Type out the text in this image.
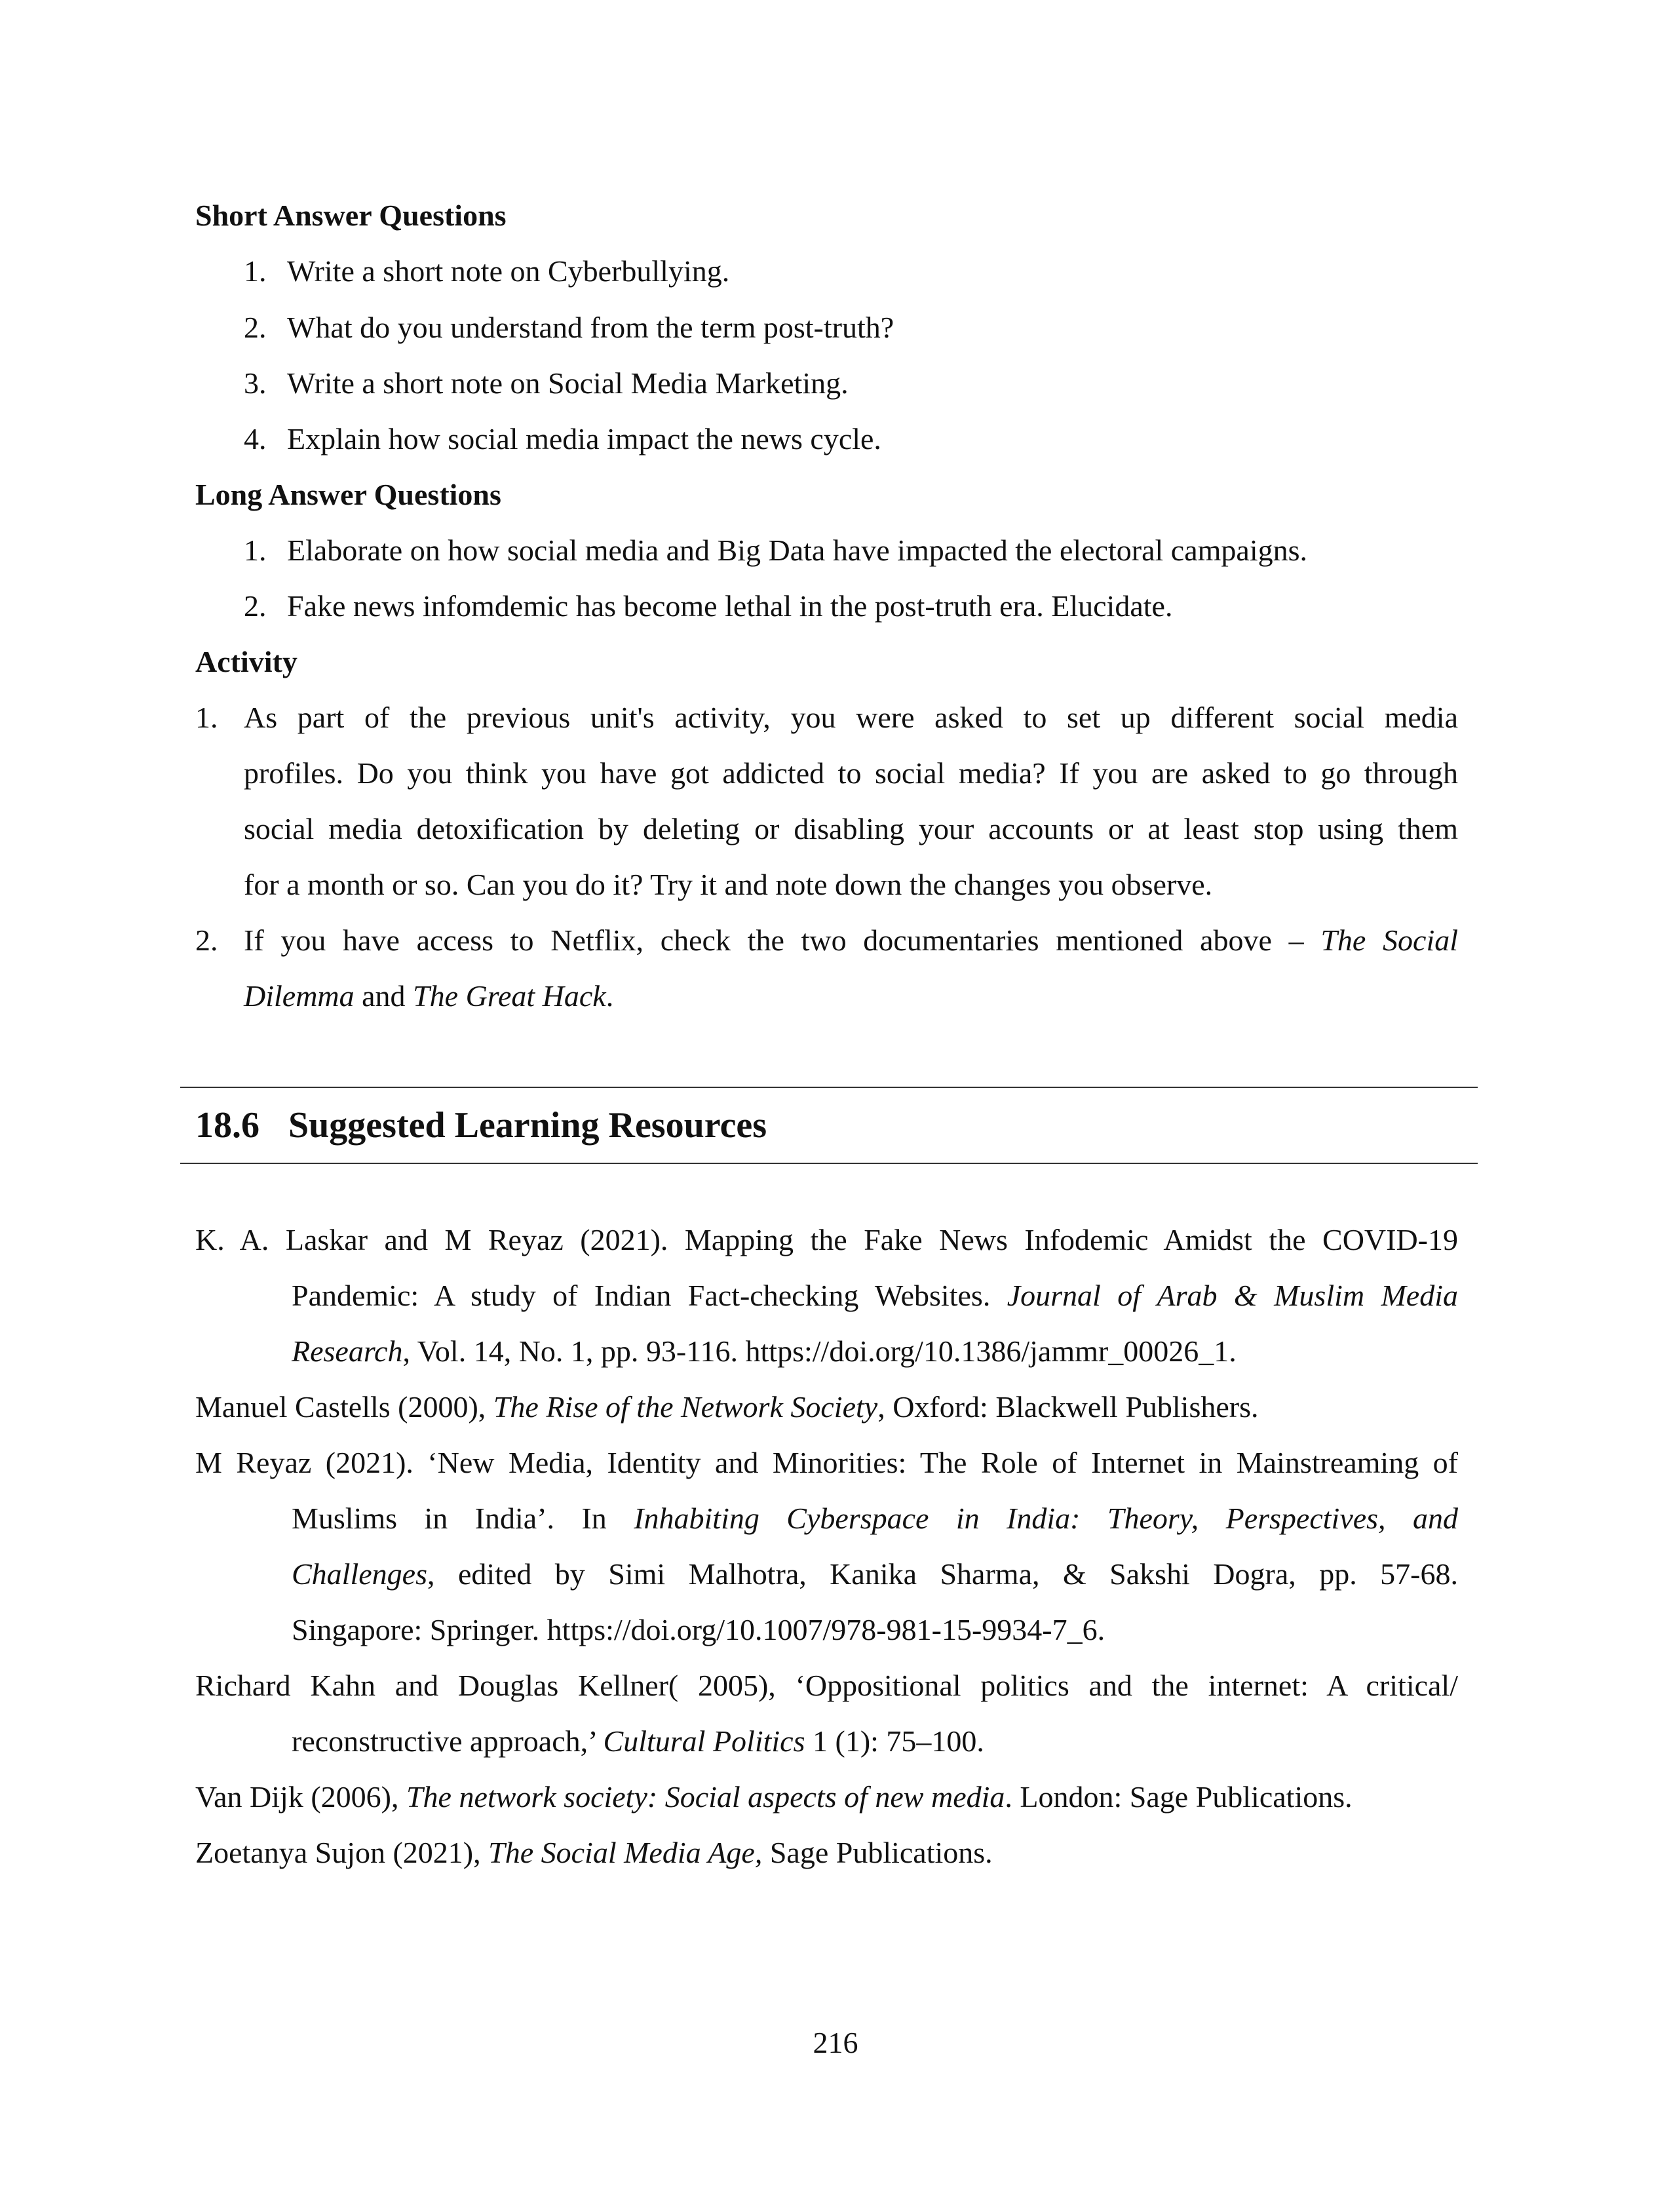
Short Answer Questions
1. Write a short note on Cyberbullying.
2. What do you understand from the term post-truth?
3. Write a short note on Social Media Marketing.
4. Explain how social media impact the news cycle.
Long Answer Questions
1. Elaborate on how social media and Big Data have impacted the electoral campaigns.
2. Fake news infomdemic has become lethal in the post-truth era. Elucidate.
Activity
1. As part of the previous unit's activity, you were asked to set up different social media
profiles. Do you think you have got addicted to social media? If you are asked to go through
social media detoxification by deleting or disabling your accounts or at least stop using them
for a month or so. Can you do it? Try it and note down the changes you observe.
2. If you have access to Netflix, check the two documentaries mentioned above – The Social
Dilemma and The Great Hack.
18.6 Suggested Learning Resources
K. A. Laskar and M Reyaz (2021). Mapping the Fake News Infodemic Amidst the COVID-19
Pandemic: A study of Indian Fact-checking Websites. Journal of Arab & Muslim Media
Research, Vol. 14, No. 1, pp. 93-116. https://doi.org/10.1386/jammr_00026_1.
Manuel Castells (2000), The Rise of the Network Society, Oxford: Blackwell Publishers.
M Reyaz (2021). ‘New Media, Identity and Minorities: The Role of Internet in Mainstreaming of
Muslims in India’. In Inhabiting Cyberspace in India: Theory, Perspectives, and
Challenges, edited by Simi Malhotra, Kanika Sharma, & Sakshi Dogra, pp. 57-68.
Singapore: Springer. https://doi.org/10.1007/978-981-15-9934-7_6.
Richard Kahn and Douglas Kellner( 2005), ‘Oppositional politics and the internet: A critical/
reconstructive approach,’ Cultural Politics 1 (1): 75–100.
Van Dijk (2006), The network society: Social aspects of new media. London: Sage Publications.
Zoetanya Sujon (2021), The Social Media Age, Sage Publications.
216
